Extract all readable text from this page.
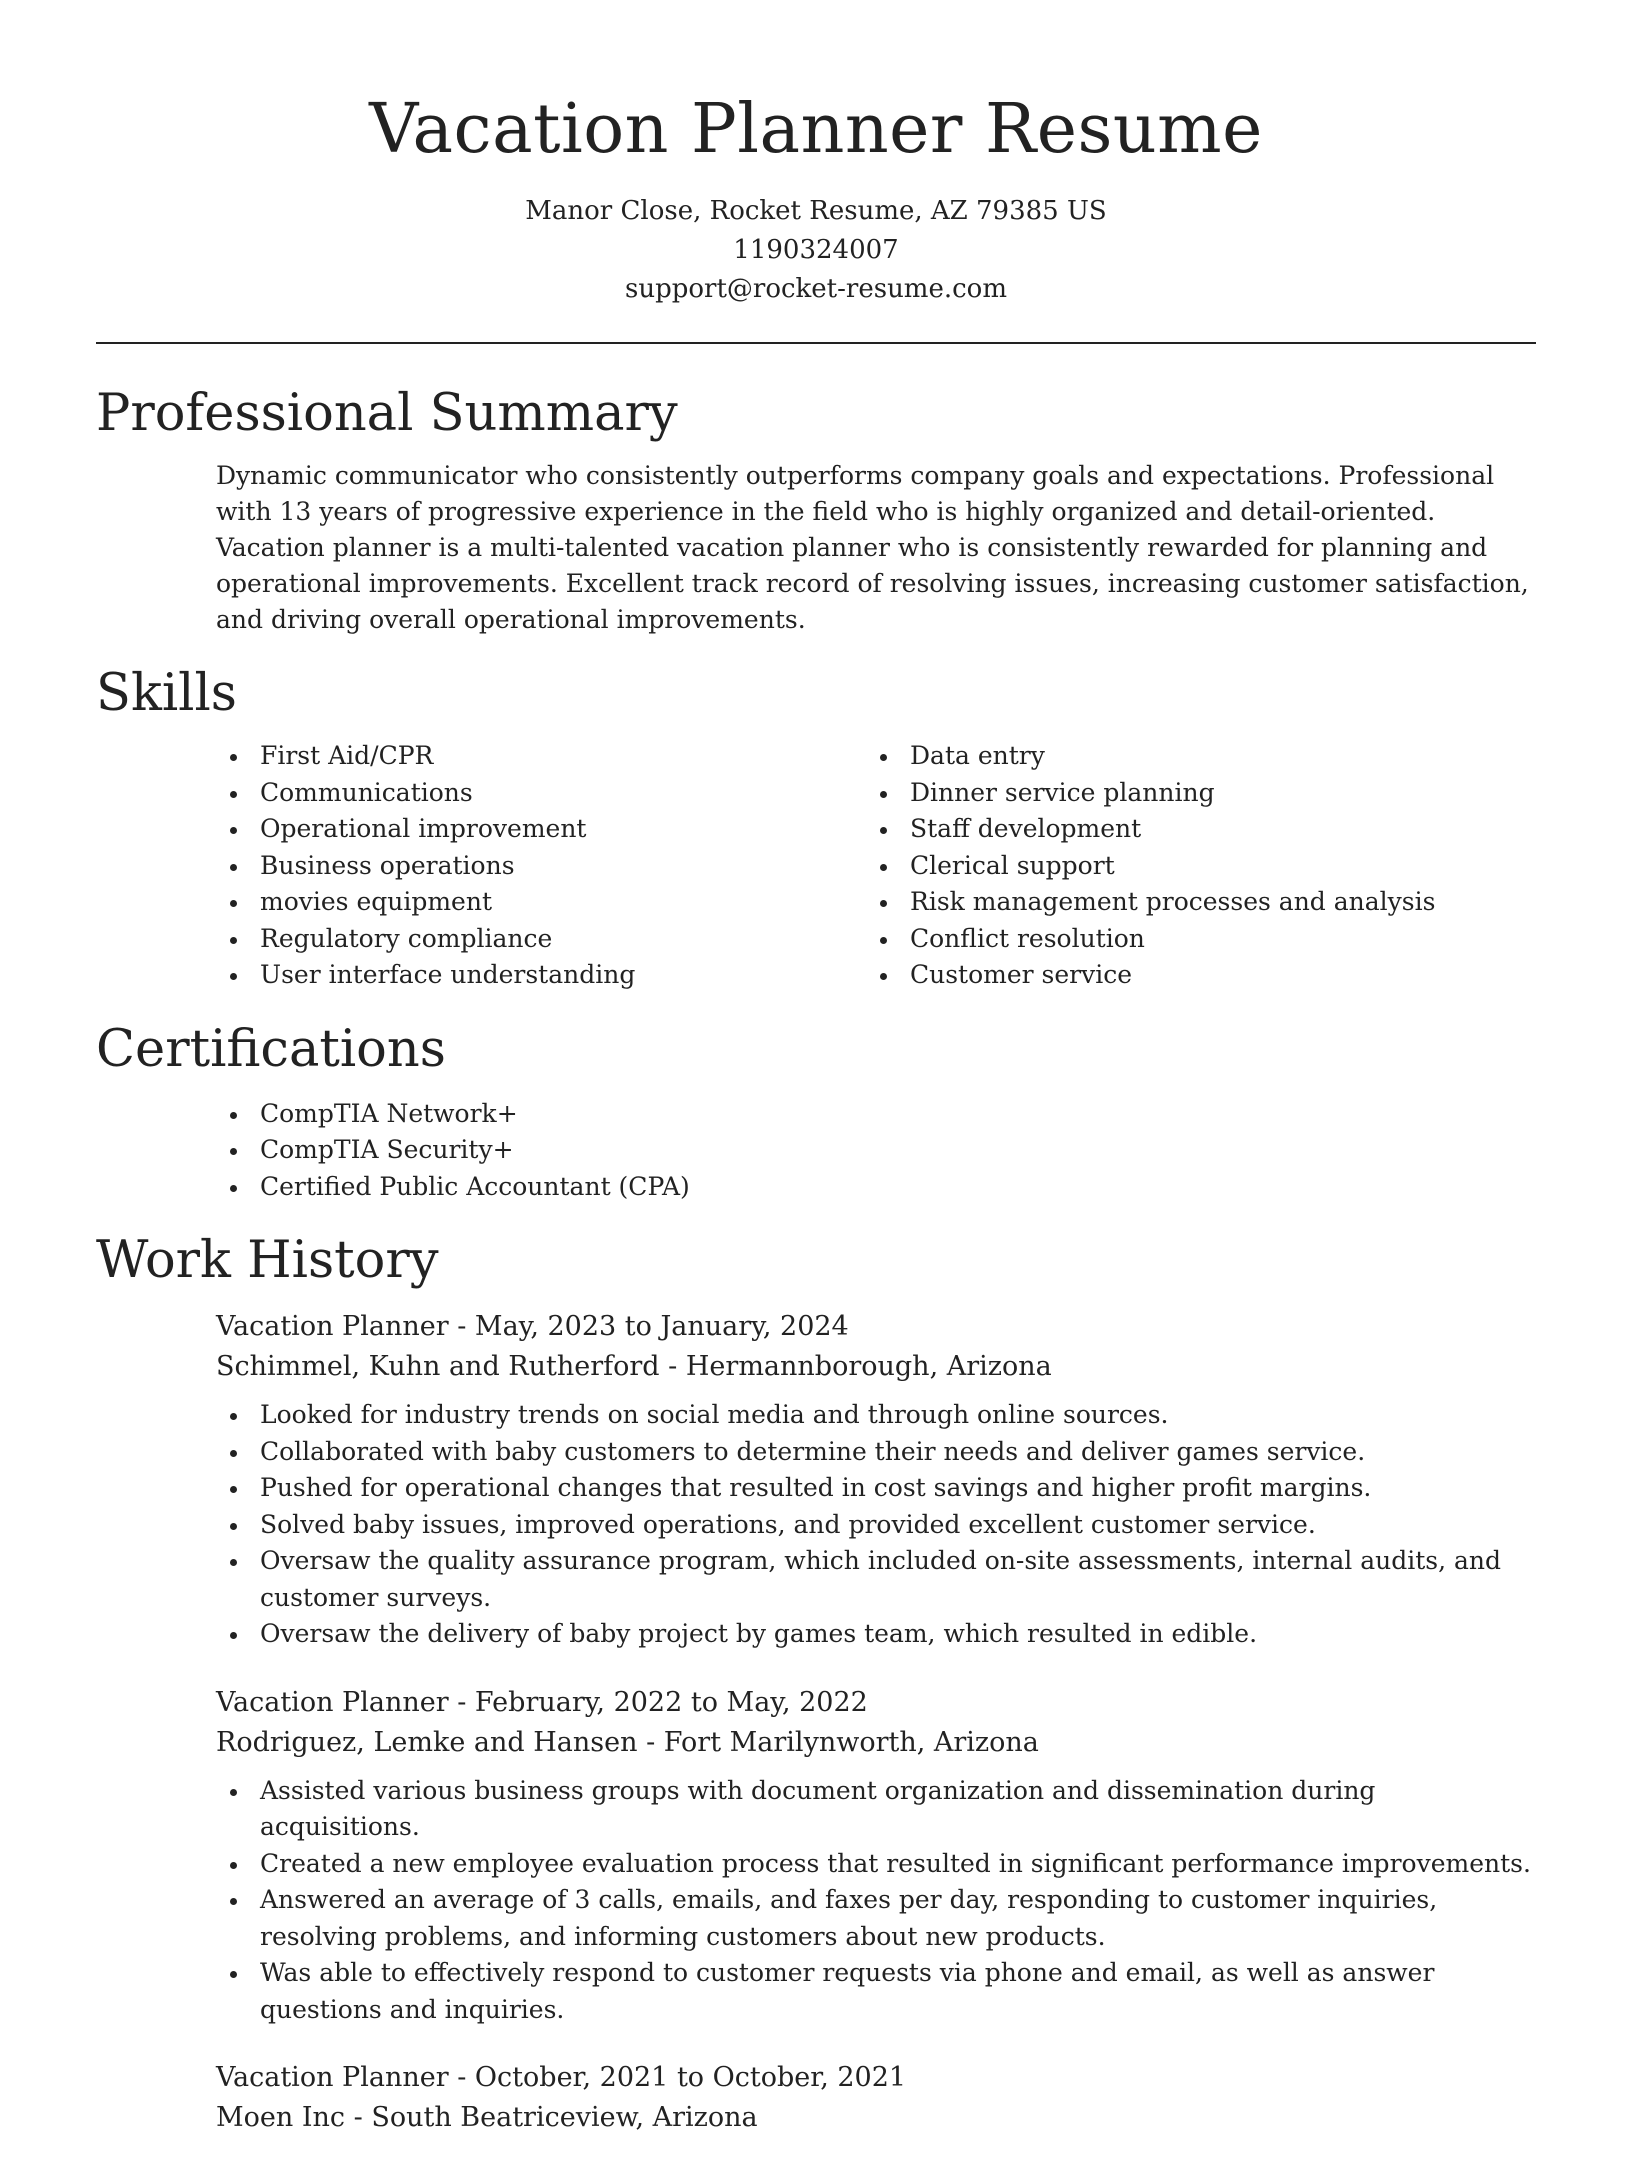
Vacation Planner Resume
Manor Close, Rocket Resume, AZ 79385 US
1190324007
support@rocket-resume.com
Professional Summary

Dynamic communicator who consistently outperforms company goals and expectations. Professional with 13 years of progressive experience in the field who is highly organized and detail-oriented. Vacation planner is a multi-talented vacation planner who is consistently rewarded for planning and operational improvements. Excellent track record of resolving issues, increasing customer satisfaction, and driving overall operational improvements.

Skills
First Aid/CPR
Communications
Operational improvement
Business operations
movies equipment
Regulatory compliance
User interface understanding
Data entry
Dinner service planning
Staff development
Clerical support
Risk management processes and analysis
Conflict resolution
Customer service
Certifications
CompTIA Network+
CompTIA Security+
Certified Public Accountant (CPA)
Work History
Vacation Planner - May, 2023 to January, 2024
Schimmel, Kuhn and Rutherford - Hermannborough, Arizona
Looked for industry trends on social media and through online sources.
Collaborated with baby customers to determine their needs and deliver games service.
Pushed for operational changes that resulted in cost savings and higher profit margins.
Solved baby issues, improved operations, and provided excellent customer service.
Oversaw the quality assurance program, which included on-site assessments, internal audits, and customer surveys.
Oversaw the delivery of baby project by games team, which resulted in edible.
Vacation Planner - February, 2022 to May, 2022
Rodriguez, Lemke and Hansen - Fort Marilynworth, Arizona
Assisted various business groups with document organization and dissemination during acquisitions.
Created a new employee evaluation process that resulted in significant performance improvements.
Answered an average of 3 calls, emails, and faxes per day, responding to customer inquiries, resolving problems, and informing customers about new products.
Was able to effectively respond to customer requests via phone and email, as well as answer questions and inquiries.
Vacation Planner - October, 2021 to October, 2021
Moen Inc - South Beatriceview, Arizona
